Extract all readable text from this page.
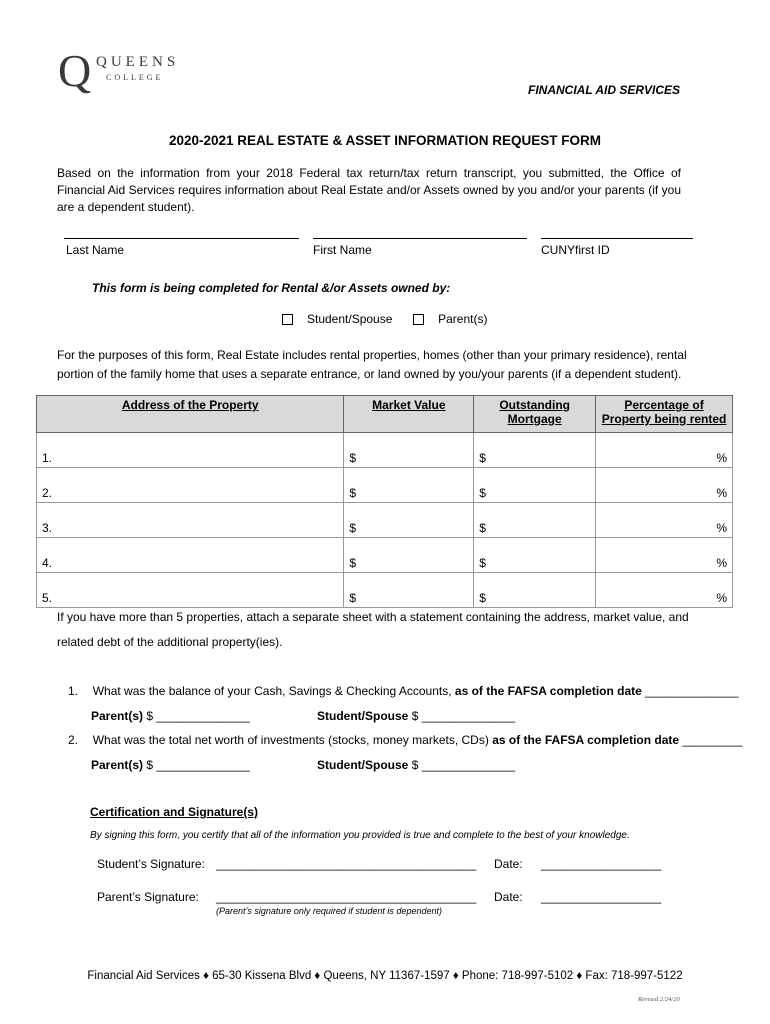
Q QUEENS
COLLEGE
FINANCIAL AID SERVICES
2020-2021 REAL ESTATE & ASSET INFORMATION REQUEST FORM
Based on the information from your 2018 Federal tax return/tax return transcript, you submitted, the Office of Financial Aid Services requires information about Real Estate and/or Assets owned by you and/or your parents (if you are a dependent student).
Last Name	First Name	CUNYfirst ID
This form is being completed for Rental &/or Assets owned by:
Student/Spouse	Parent(s)
For the purposes of this form, Real Estate includes rental properties, homes (other than your primary residence), rental portion of the family home that uses a separate entrance, or land owned by you/your parents (if a dependent student).
Address of the Property	Market Value	Outstanding Mortgage	Percentage of Property being rented
1.	$	$	%
2.	$	$	%
3.	$	$	%
4.	$	$	%
5.	$	$	%
If you have more than 5 properties, attach a separate sheet with a statement containing the address, market value, and related debt of the additional property(ies).
1. What was the balance of your Cash, Savings & Checking Accounts, as of the FAFSA completion date ______________
Parent(s) $ ______________	Student/Spouse $ ______________
2. What was the total net worth of investments (stocks, money markets, CDs) as of the FAFSA completion date _________
Parent(s) $ ______________	Student/Spouse $ ______________
Certification and Signature(s)
By signing this form, you certify that all of the information you provided is true and complete to the best of your knowledge.
Student’s Signature: _______________________________________ Date: __________________
Parent’s Signature: _______________________________________ Date: __________________
(Parent’s signature only required if student is dependent)
Financial Aid Services ♦ 65-30 Kissena Blvd ♦ Queens, NY 11367-1597 ♦ Phone: 718-997-5102 ♦ Fax: 718-997-5122
Revised 2/24/20
